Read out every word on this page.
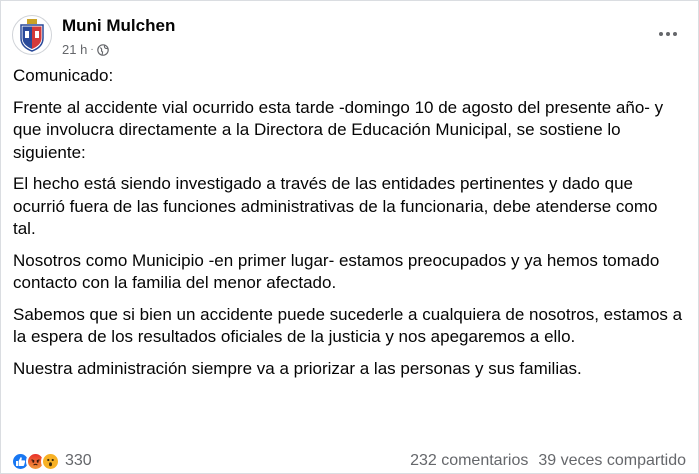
Muni Mulchen
21 h ·

Comunicado:

Frente al accidente vial ocurrido esta tarde -domingo 10 de agosto del presente año- y que involucra directamente a la Directora de Educación Municipal, se sostiene lo siguiente:

El hecho está siendo investigado a través de las entidades pertinentes y dado que ocurrió fuera de las funciones administrativas de la funcionaria, debe atenderse como tal.

Nosotros como Municipio -en primer lugar- estamos preocupados y ya hemos tomado contacto con la familia del menor afectado.

Sabemos que si bien un accidente puede sucederle a cualquiera de nosotros, estamos a la espera de los resultados oficiales de la justicia y nos apegaremos a ello.

Nuestra administración siempre va a priorizar a las personas y sus familias.

330	232 comentarios 39 veces compartido
